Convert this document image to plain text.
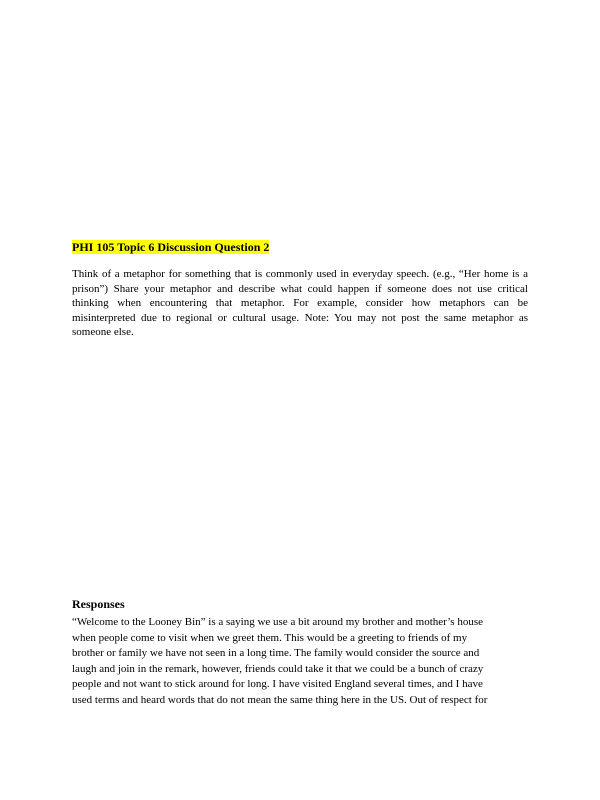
PHI 105 Topic 6 Discussion Question 2
Think of a metaphor for something that is commonly used in everyday speech. (e.g., “Her home is a prison”) Share your metaphor and describe what could happen if someone does not use critical thinking when encountering that metaphor. For example, consider how metaphors can be misinterpreted due to regional or cultural usage. Note: You may not post the same metaphor as someone else.
Responses
“Welcome to the Looney Bin” is a saying we use a bit around my brother and mother’s house
when people come to visit when we greet them. This would be a greeting to friends of my
brother or family we have not seen in a long time. The family would consider the source and
laugh and join in the remark, however, friends could take it that we could be a bunch of crazy
people and not want to stick around for long. I have visited England several times, and I have
used terms and heard words that do not mean the same thing here in the US. Out of respect for
